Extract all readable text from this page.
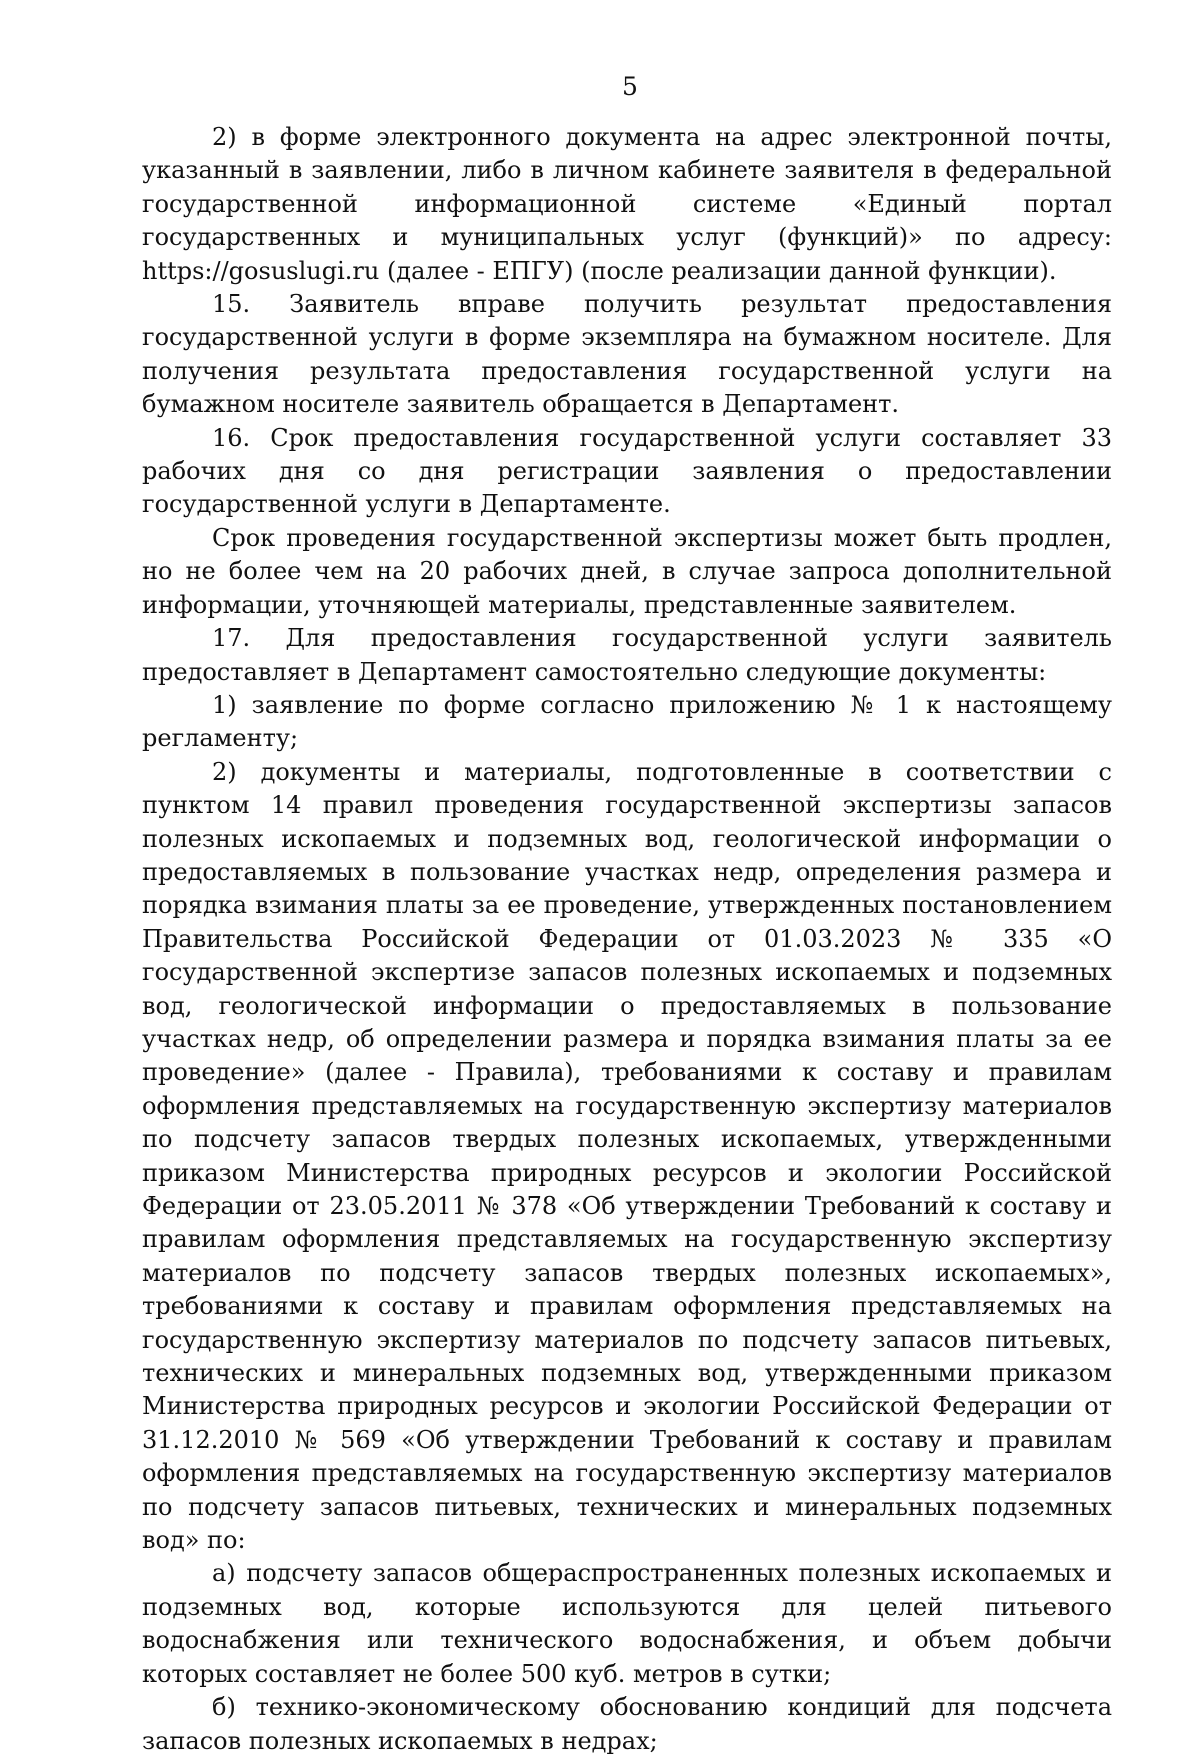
5

2) в форме электронного документа на адрес электронной почты, указанный в заявлении, либо в личном кабинете заявителя в федеральной государственной информационной системе «Единый портал государственных и муниципальных услуг (функций)» по адресу: https://gosuslugi.ru (далее - ЕПГУ) (после реализации данной функции).

15. Заявитель вправе получить результат предоставления государственной услуги в форме экземпляра на бумажном носителе. Для получения результата предоставления государственной услуги на бумажном носителе заявитель обращается в Департамент.

16. Срок предоставления государственной услуги составляет 33 рабочих дня со дня регистрации заявления о предоставлении государственной услуги в Департаменте.

Срок проведения государственной экспертизы может быть продлен, но не более чем на 20 рабочих дней, в случае запроса дополнительной информации, уточняющей материалы, представленные заявителем.

17. Для предоставления государственной услуги заявитель предоставляет в Департамент самостоятельно следующие документы:

1) заявление по форме согласно приложению № 1 к настоящему регламенту;

2) документы и материалы, подготовленные в соответствии с пунктом 14 правил проведения государственной экспертизы запасов полезных ископаемых и подземных вод, геологической информации о предоставляемых в пользование участках недр, определения размера и порядка взимания платы за ее проведение, утвержденных постановлением Правительства Российской Федерации от 01.03.2023 № 335 «О государственной экспертизе запасов полезных ископаемых и подземных вод, геологической информации о предоставляемых в пользование участках недр, об определении размера и порядка взимания платы за ее проведение» (далее - Правила), требованиями к составу и правилам оформления представляемых на государственную экспертизу материалов по подсчету запасов твердых полезных ископаемых, утвержденными приказом Министерства природных ресурсов и экологии Российской Федерации от 23.05.2011 № 378 «Об утверждении Требований к составу и правилам оформления представляемых на государственную экспертизу материалов по подсчету запасов твердых полезных ископаемых», требованиями к составу и правилам оформления представляемых на государственную экспертизу материалов по подсчету запасов питьевых, технических и минеральных подземных вод, утвержденными приказом Министерства природных ресурсов и экологии Российской Федерации от 31.12.2010 № 569 «Об утверждении Требований к составу и правилам оформления представляемых на государственную экспертизу материалов по подсчету запасов питьевых, технических и минеральных подземных вод» по:

а) подсчету запасов общераспространенных полезных ископаемых и подземных вод, которые используются для целей питьевого водоснабжения или технического водоснабжения, и объем добычи которых составляет не более 500 куб. метров в сутки;

б) технико-экономическому обоснованию кондиций для подсчета запасов полезных ископаемых в недрах;
